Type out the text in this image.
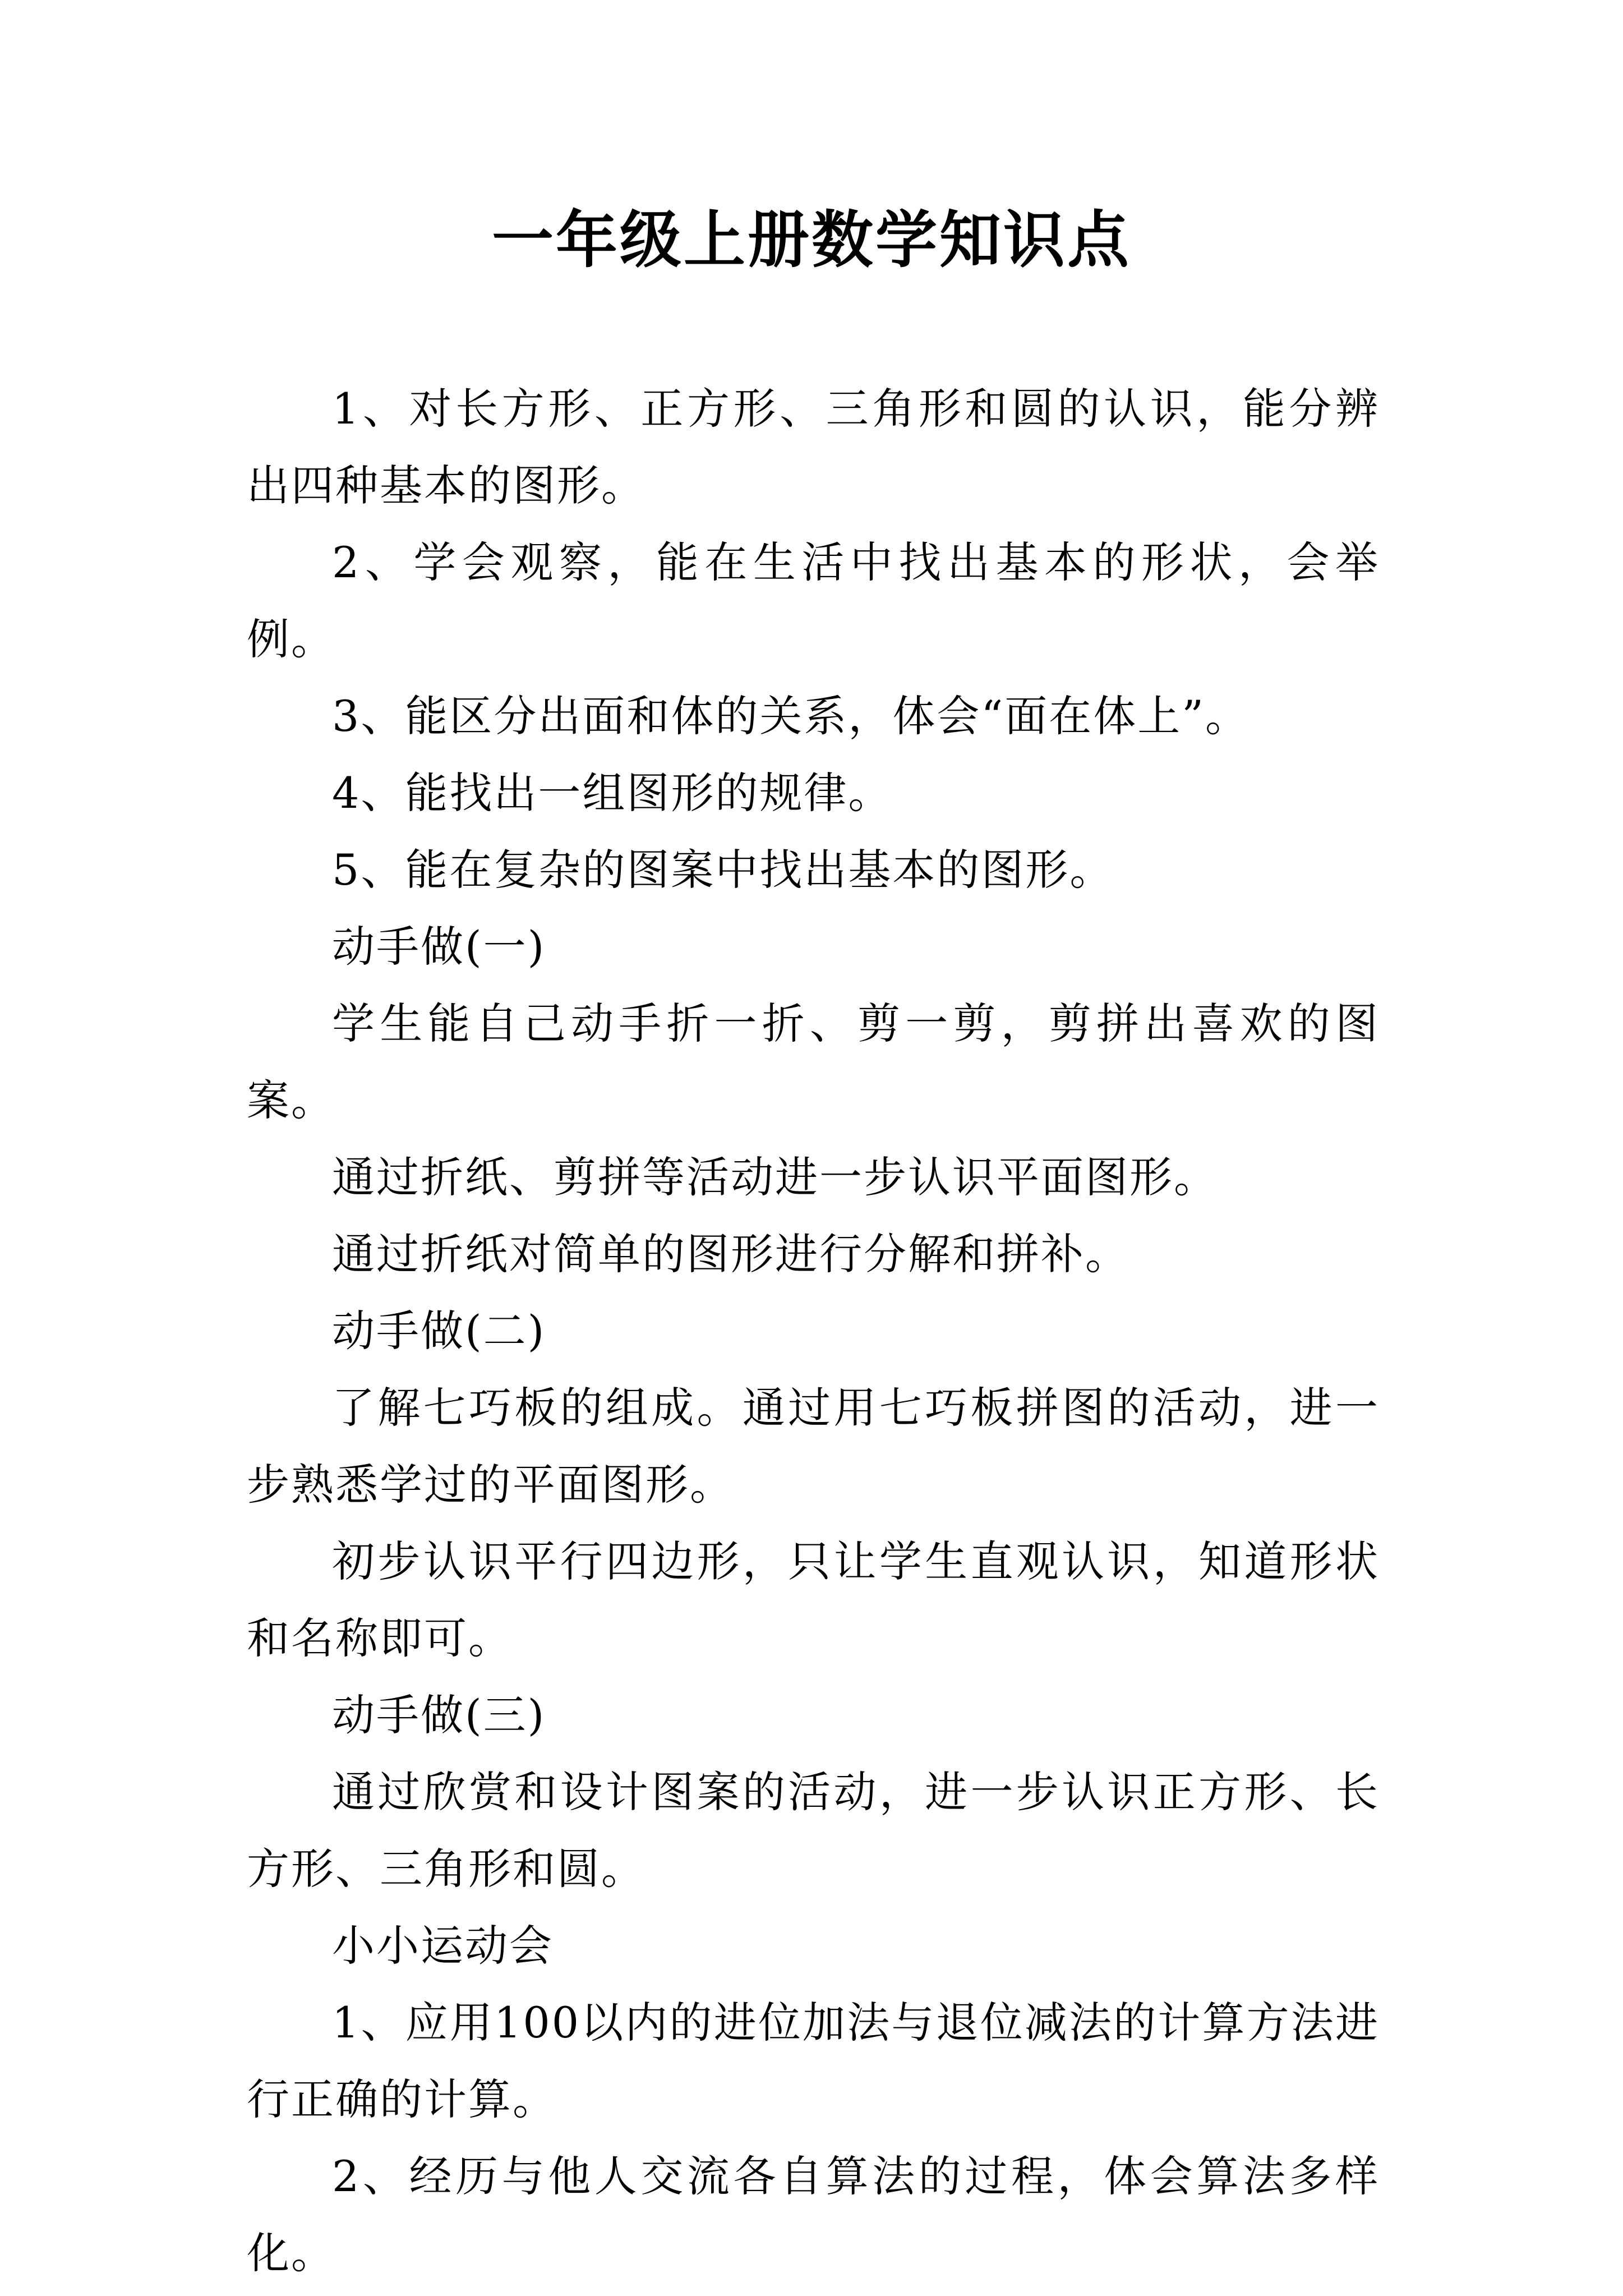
一年级上册数学知识点

1、对长方形、正方形、三角形和圆的认识，能分辨出四种基本的图形。

2、学会观察，能在生活中找出基本的形状，会举例。

3、能区分出面和体的关系，体会“面在体上”。

4、能找出一组图形的规律。

5、能在复杂的图案中找出基本的图形。

动手做(一)

学生能自己动手折一折、剪一剪，剪拼出喜欢的图案。

通过折纸、剪拼等活动进一步认识平面图形。

通过折纸对简单的图形进行分解和拼补。

动手做(二)

了解七巧板的组成。通过用七巧板拼图的活动，进一步熟悉学过的平面图形。

初步认识平行四边形，只让学生直观认识，知道形状和名称即可。

动手做(三)

通过欣赏和设计图案的活动，进一步认识正方形、长方形、三角形和圆。

小小运动会

1、应用100以内的进位加法与退位减法的计算方法进行正确的计算。

2、经历与他人交流各自算法的过程，体会算法多样化。
